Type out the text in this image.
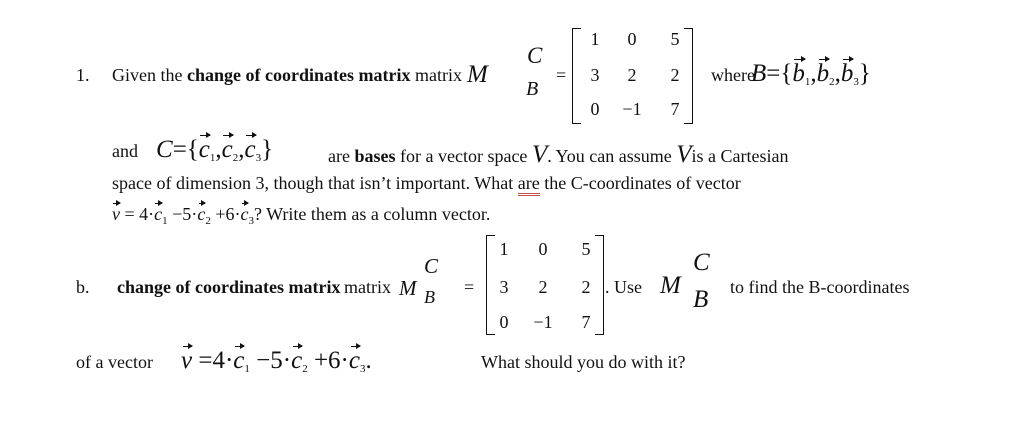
1. Given the change of coordinates matrix matrix M
C
B
=
1	0	5
3	2	2
0	−1	7
where
$B=\{b_1,b_2,b_3\}$
and $C=\{c_1,c_2,c_3\}$	are bases for a vector space V. You can assume Vis a Cartesian
space of dimension 3, though that isn’t important. What are the C-coordinates of vector
$v = 4\cdot c_1 -5\cdot c_2 +6\cdot c_3$? Write them as a column vector.
b. change of coordinates matrix matrix M
C
B =
1	0	5
3	2	2
0	−1	7
. Use M
C
B to find the B-coordinates
of a vector $v =4\cdot c_1 -5\cdot c_2 +6\cdot c_3$.	What should you do with it?
